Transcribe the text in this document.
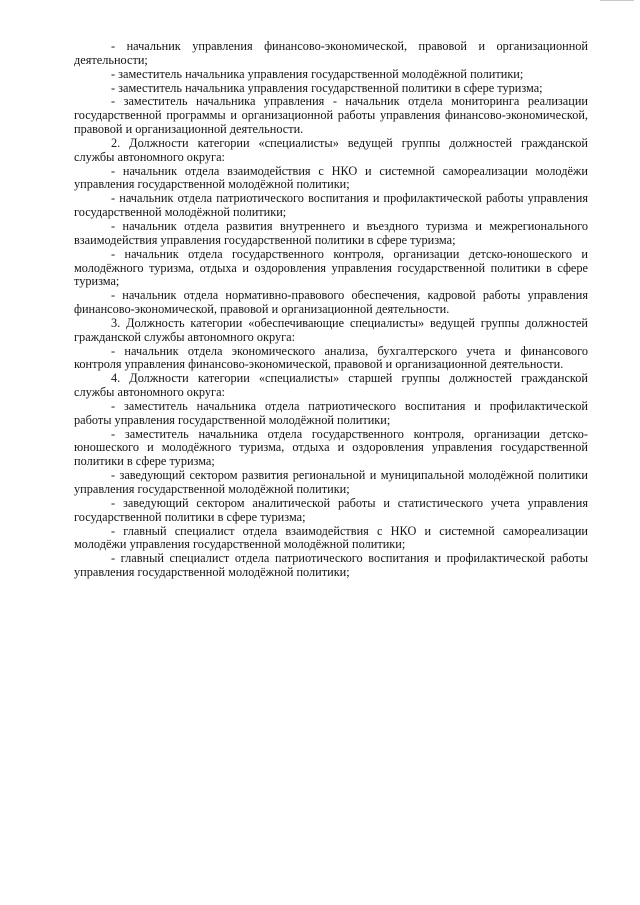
- начальник управления финансово-экономической, правовой и организационной деятельности;

- заместитель начальника управления государственной молодёжной политики;

- заместитель начальника управления государственной политики в сфере туризма;

- заместитель начальника управления - начальник отдела мониторинга реализации государственной программы и организационной работы управления финансово-экономической, правовой и организационной деятельности.

2. Должности категории «специалисты» ведущей группы должностей гражданской службы автономного округа:

- начальник отдела взаимодействия с НКО и системной самореализации молодёжи управления государственной молодёжной политики;

- начальник отдела патриотического воспитания и профилактической работы управления государственной молодёжной политики;

- начальник отдела развития внутреннего и въездного туризма и межрегионального взаимодействия управления государственной политики в сфере туризма;

- начальник отдела государственного контроля, организации детско-юношеского и молодёжного туризма, отдыха и оздоровления управления государственной политики в сфере туризма;

- начальник отдела нормативно-правового обеспечения, кадровой работы управления финансово-экономической, правовой и организационной деятельности.

3. Должность категории «обеспечивающие специалисты» ведущей группы должностей гражданской службы автономного округа:

- начальник отдела экономического анализа, бухгалтерского учета и финансового контроля управления финансово-экономической, правовой и организационной деятельности.

4. Должности категории «специалисты» старшей группы должностей гражданской службы автономного округа:

- заместитель начальника отдела патриотического воспитания и профилактической работы управления государственной молодёжной политики;

- заместитель начальника отдела государственного контроля, организации детско-юношеского и молодёжного туризма, отдыха и оздоровления управления государственной политики в сфере туризма;

- заведующий сектором развития региональной и муниципальной молодёжной политики управления государственной молодёжной политики;

- заведующий сектором аналитической работы и статистического учета управления государственной политики в сфере туризма;

- главный специалист отдела взаимодействия с НКО и системной самореализации молодёжи управления государственной молодёжной политики;

- главный специалист отдела патриотического воспитания и профилактической работы управления государственной молодёжной политики;
